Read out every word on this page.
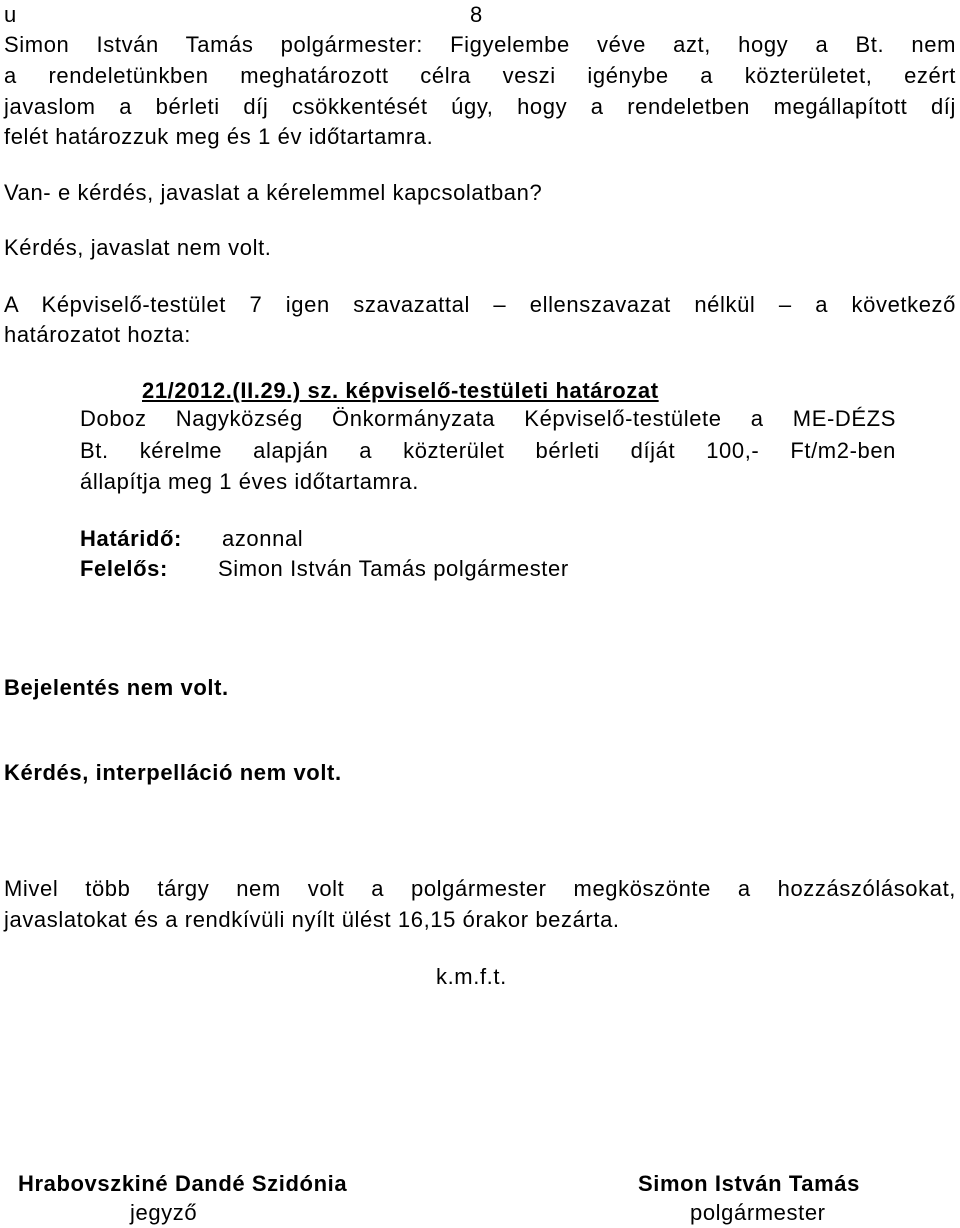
u	8
Simon István Tamás polgármester: Figyelembe véve azt, hogy a Bt. nem
a rendeletünkben meghatározott célra veszi igénybe a közterületet, ezért
javaslom a bérleti díj csökkentését úgy, hogy a rendeletben megállapított díj
felét határozzuk meg és 1 év időtartamra.
Van- e kérdés, javaslat a kérelemmel kapcsolatban?
Kérdés, javaslat nem volt.
A Képviselő-testület 7 igen szavazattal – ellenszavazat nélkül – a következő
határozatot hozta:
21/2012.(II.29.) sz. képviselő-testületi határozat
Doboz Nagyközség Önkormányzata Képviselő-testülete a ME-DÉZS
Bt. kérelme alapján a közterület bérleti díját 100,- Ft/m2-ben
állapítja meg 1 éves időtartamra.
Határidő: azonnal
Felelős: Simon István Tamás polgármester
Bejelentés nem volt.
Kérdés, interpelláció nem volt.
Mivel több tárgy nem volt a polgármester megköszönte a hozzászólásokat,
javaslatokat és a rendkívüli nyílt ülést 16,15 órakor bezárta.
k.m.f.t.
Hrabovszkiné Dandé Szidónia
jegyző
Simon István Tamás
polgármester
